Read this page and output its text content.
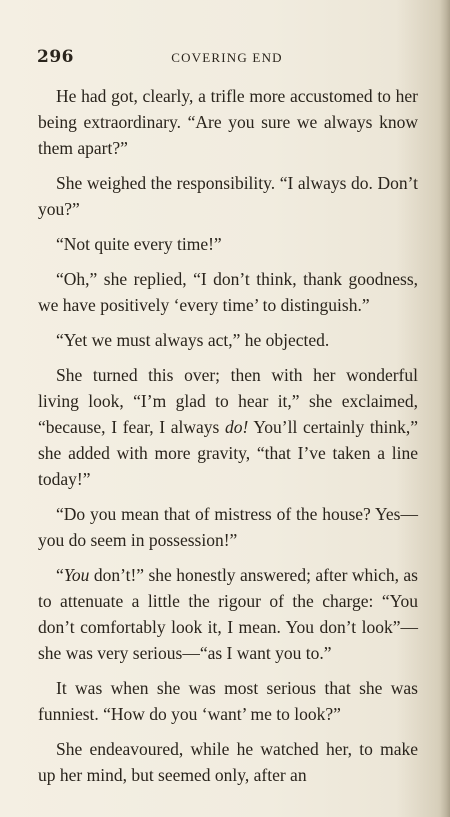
296	COVERING END

He had got, clearly, a trifle more accustomed to her being extraordinary. “Are you sure we always know them apart?”

She weighed the responsibility. “I always do. Don’t you?”

“Not quite every time!”

“Oh,” she replied, “I don’t think, thank goodness, we have positively ‘every time’ to distinguish.”

“Yet we must always act,” he objected.

She turned this over; then with her wonderful living look, “I’m glad to hear it,” she exclaimed, “because, I fear, I always do! You’ll certainly think,” she added with more gravity, “that I’ve taken a line today!”

“Do you mean that of mistress of the house? Yes—you do seem in possession!”

“You don’t!” she honestly answered; after which, as to attenuate a little the rigour of the charge: “You don’t comfortably look it, I mean. You don’t look”—she was very serious—“as I want you to.”

It was when she was most serious that she was funniest. “How do you ‘want’ me to look?”

She endeavoured, while he watched her, to make up her mind, but seemed only, after an
